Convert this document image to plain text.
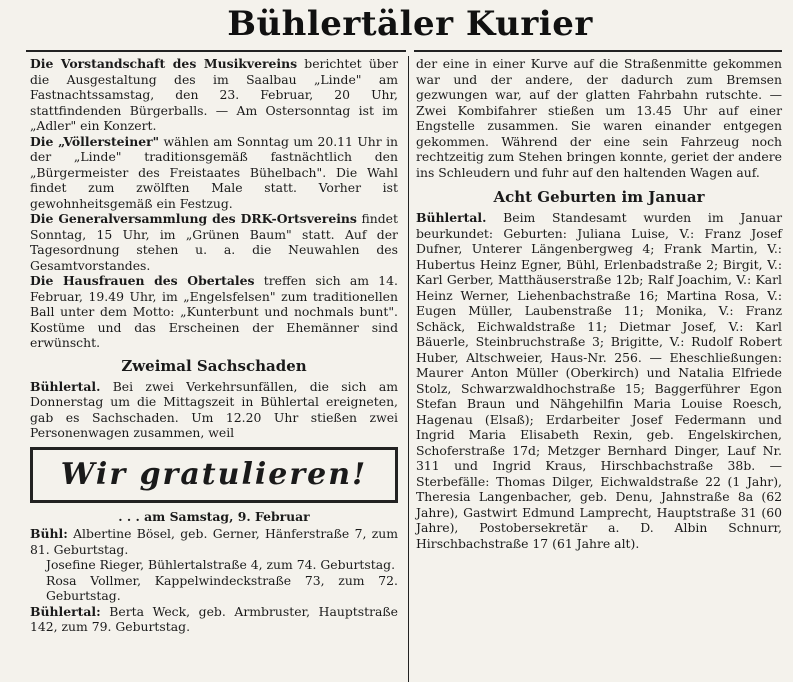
Bühlertäler Kurier

Die Vorstandschaft des Musikvereins berichtet über die Ausgestaltung des im Saalbau „Linde" am Fastnachtssamstag, den 23. Februar, 20 Uhr, stattfindenden Bürgerballs. — Am Ostersonntag ist im „Adler" ein Konzert.

Die „Völlersteiner" wählen am Sonntag um 20.11 Uhr in der „Linde" traditionsgemäß fastnächtlich den „Bürgermeister des Freistaates Bühelbach". Die Wahl findet zum zwölften Male statt. Vorher ist gewohnheitsgemäß ein Festzug.

Die Generalversammlung des DRK-Ortsvereins findet Sonntag, 15 Uhr, im „Grünen Baum" statt. Auf der Tagesordnung stehen u. a. die Neuwahlen des Gesamtvorstandes.

Die Hausfrauen des Obertales treffen sich am 14. Februar, 19.49 Uhr, im „Engelsfelsen" zum traditionellen Ball unter dem Motto: „Kunterbunt und nochmals bunt". Kostüme und das Erscheinen der Ehemänner sind erwünscht.

Zweimal Sachschaden

Bühlertal. Bei zwei Verkehrsunfällen, die sich am Donnerstag um die Mittagszeit in Bühlertal ereigneten, gab es Sachschaden. Um 12.20 Uhr stießen zwei Personenwagen zusammen, weil

Wir gratulieren!
. . . am Samstag, 9. Februar

Bühl: Albertine Bösel, geb. Gerner, Hänferstraße 7, zum 81. Geburtstag.

Josefine Rieger, Bühlertalstraße 4, zum 74. Geburtstag.

Rosa Vollmer, Kappelwindeckstraße 73, zum 72. Geburtstag.

Bühlertal: Berta Weck, geb. Armbruster, Hauptstraße 142, zum 79. Geburtstag.

der eine in einer Kurve auf die Straßenmitte gekommen war und der andere, der dadurch zum Bremsen gezwungen war, auf der glatten Fahrbahn rutschte. — Zwei Kombifahrer stießen um 13.45 Uhr auf einer Engstelle zusammen. Sie waren einander entgegen gekommen. Während der eine sein Fahrzeug noch rechtzeitig zum Stehen bringen konnte, geriet der andere ins Schleudern und fuhr auf den haltenden Wagen auf.

Acht Geburten im Januar

Bühlertal. Beim Standesamt wurden im Januar beurkundet: Geburten: Juliana Luise, V.: Franz Josef Dufner, Unterer Längenbergweg 4; Frank Martin, V.: Hubertus Heinz Egner, Bühl, Erlenbadstraße 2; Birgit, V.: Karl Gerber, Matthäuserstraße 12b; Ralf Joachim, V.: Karl Heinz Werner, Liehenbachstraße 16; Martina Rosa, V.: Eugen Müller, Laubenstraße 11; Monika, V.: Franz Schäck, Eichwaldstraße 11; Dietmar Josef, V.: Karl Bäuerle, Steinbruchstraße 3; Brigitte, V.: Rudolf Robert Huber, Altschweier, Haus-Nr. 256. — Eheschließungen: Maurer Anton Müller (Oberkirch) und Natalia Elfriede Stolz, Schwarzwaldhochstraße 15; Baggerführer Egon Stefan Braun und Nähgehilfin Maria Louise Roesch, Hagenau (Elsaß); Erdarbeiter Josef Federmann und Ingrid Maria Elisabeth Rexin, geb. Engelskirchen, Schoferstraße 17d; Metzger Bernhard Dinger, Lauf Nr. 311 und Ingrid Kraus, Hirschbachstraße 38b. — Sterbefälle: Thomas Dilger, Eichwaldstraße 22 (1 Jahr), Theresia Langenbacher, geb. Denu, Jahnstraße 8a (62 Jahre), Gastwirt Edmund Lamprecht, Hauptstraße 31 (60 Jahre), Postobersekretär a. D. Albin Schnurr, Hirschbachstraße 17 (61 Jahre alt).
